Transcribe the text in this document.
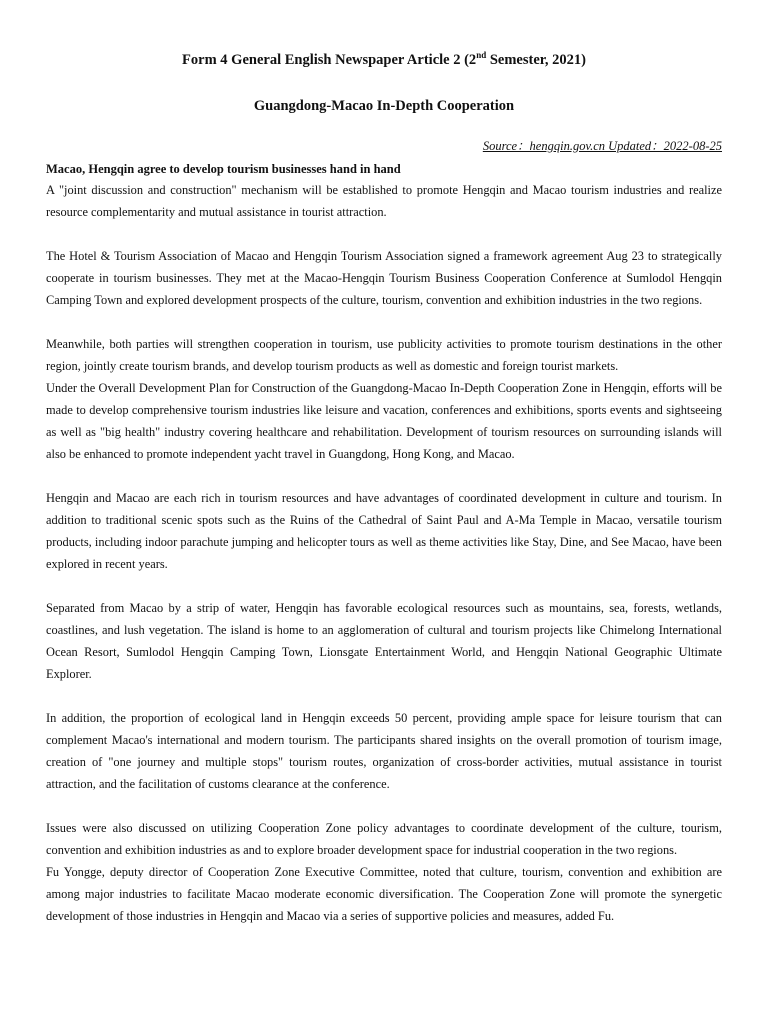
Form 4 General English Newspaper Article 2 (2nd Semester, 2021)
Guangdong-Macao In-Depth Cooperation
Source：hengqin.gov.cn Updated：2022-08-25
Macao, Hengqin agree to develop tourism businesses hand in hand

A "joint discussion and construction" mechanism will be established to promote Hengqin and Macao tourism industries and realize resource complementarity and mutual assistance in tourist attraction.

The Hotel & Tourism Association of Macao and Hengqin Tourism Association signed a framework agreement Aug 23 to strategically cooperate in tourism businesses. They met at the Macao-Hengqin Tourism Business Cooperation Conference at Sumlodol Hengqin Camping Town and explored development prospects of the culture, tourism, convention and exhibition industries in the two regions.

Meanwhile, both parties will strengthen cooperation in tourism, use publicity activities to promote tourism destinations in the other region, jointly create tourism brands, and develop tourism products as well as domestic and foreign tourist markets.

Under the Overall Development Plan for Construction of the Guangdong-Macao In-Depth Cooperation Zone in Hengqin, efforts will be made to develop comprehensive tourism industries like leisure and vacation, conferences and exhibitions, sports events and sightseeing as well as "big health" industry covering healthcare and rehabilitation. Development of tourism resources on surrounding islands will also be enhanced to promote independent yacht travel in Guangdong, Hong Kong, and Macao.

Hengqin and Macao are each rich in tourism resources and have advantages of coordinated development in culture and tourism. In addition to traditional scenic spots such as the Ruins of the Cathedral of Saint Paul and A-Ma Temple in Macao, versatile tourism products, including indoor parachute jumping and helicopter tours as well as theme activities like Stay, Dine, and See Macao, have been explored in recent years.

Separated from Macao by a strip of water, Hengqin has favorable ecological resources such as mountains, sea, forests, wetlands, coastlines, and lush vegetation. The island is home to an agglomeration of cultural and tourism projects like Chimelong International Ocean Resort, Sumlodol Hengqin Camping Town, Lionsgate Entertainment World, and Hengqin National Geographic Ultimate Explorer.

In addition, the proportion of ecological land in Hengqin exceeds 50 percent, providing ample space for leisure tourism that can complement Macao's international and modern tourism. The participants shared insights on the overall promotion of tourism image, creation of "one journey and multiple stops" tourism routes, organization of cross-border activities, mutual assistance in tourist attraction, and the facilitation of customs clearance at the conference.

Issues were also discussed on utilizing Cooperation Zone policy advantages to coordinate development of the culture, tourism, convention and exhibition industries as and to explore broader development space for industrial cooperation in the two regions.

Fu Yongge, deputy director of Cooperation Zone Executive Committee, noted that culture, tourism, convention and exhibition are among major industries to facilitate Macao moderate economic diversification. The Cooperation Zone will promote the synergetic development of those industries in Hengqin and Macao via a series of supportive policies and measures, added Fu.
